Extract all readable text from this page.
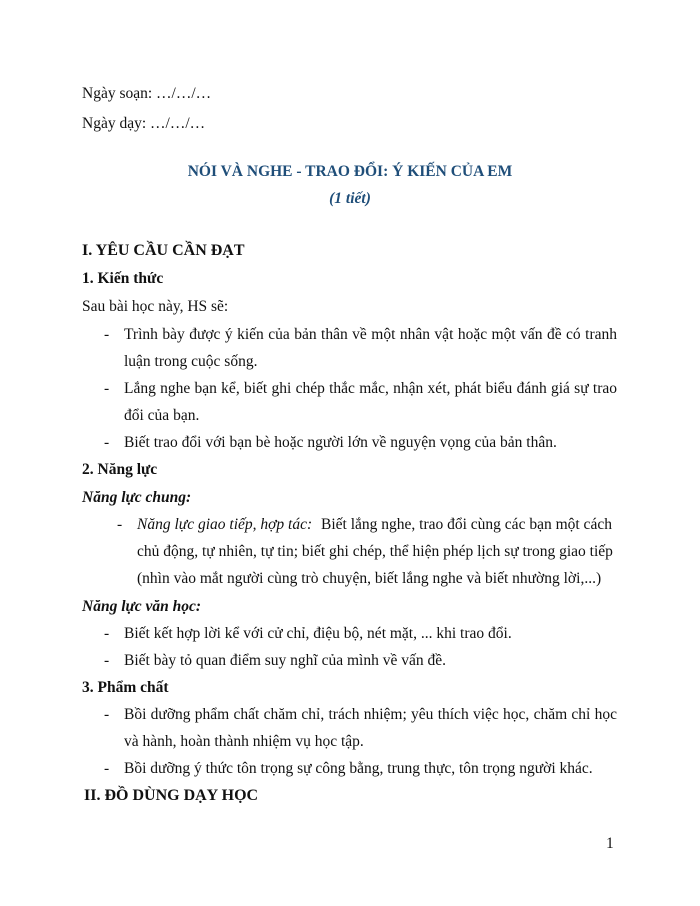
Ngày soạn: …/…/…
Ngày dạy: …/…/…
NÓI VÀ NGHE - TRAO ĐỔI: Ý KIẾN CỦA EM
(1 tiết)
I. YÊU CẦU CẦN ĐẠT
1. Kiến thức
Sau bài học này, HS sẽ:
- Trình bày được ý kiến của bản thân về một nhân vật hoặc một vấn đề có tranh
luận trong cuộc sống.
- Lắng nghe bạn kể, biết ghi chép thắc mắc, nhận xét, phát biểu đánh giá sự trao
đổi của bạn.
- Biết trao đổi với bạn bè hoặc người lớn về nguyện vọng của bản thân.
2. Năng lực
Năng lực chung:
- Năng lực giao tiếp, hợp tác: Biết lắng nghe, trao đổi cùng các bạn một cách
chủ động, tự nhiên, tự tin; biết ghi chép, thể hiện phép lịch sự trong giao tiếp
(nhìn vào mắt người cùng trò chuyện, biết lắng nghe và biết nhường lời,...)
Năng lực văn học:
- Biết kết hợp lời kể với cử chỉ, điệu bộ, nét mặt, ... khi trao đổi.
- Biết bày tỏ quan điểm suy nghĩ của mình về vấn đề.
3. Phẩm chất
- Bồi dưỡng phẩm chất chăm chỉ, trách nhiệm; yêu thích việc học, chăm chỉ học
và hành, hoàn thành nhiệm vụ học tập.
- Bồi dưỡng ý thức tôn trọng sự công bằng, trung thực, tôn trọng người khác.
II. ĐỒ DÙNG DẠY HỌC
1
